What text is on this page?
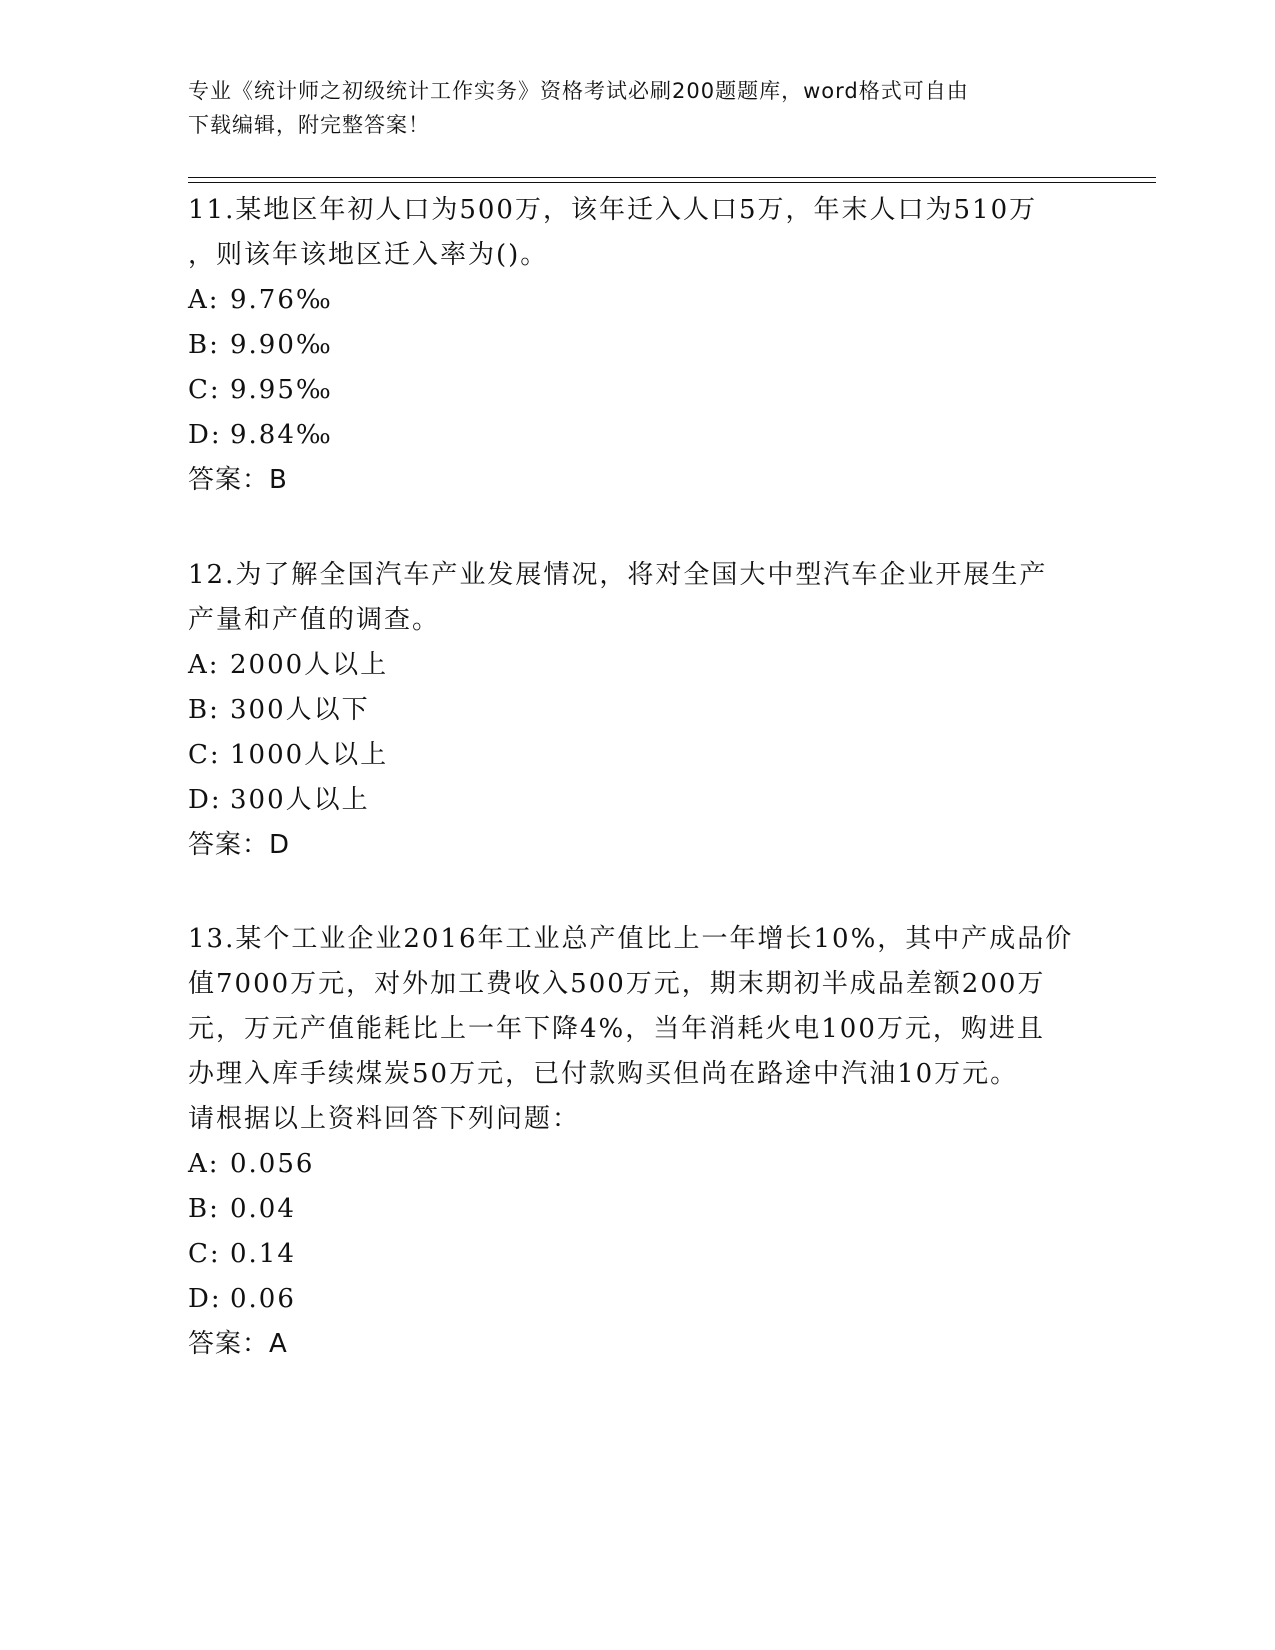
专业《统计师之初级统计工作实务》资格考试必刷200题题库，word格式可自由
下载编辑，附完整答案！

11.某地区年初人口为500万，该年迁入人口5万，年末人口为510万

，则该年该地区迁入率为()。

A: 9.76‰

B: 9.90‰

C: 9.95‰

D: 9.84‰

答案：B

12.为了解全国汽车产业发展情况，将对全国大中型汽车企业开展生产

产量和产值的调查。

A: 2000人以上

B: 300人以下

C: 1000人以上

D: 300人以上

答案：D

13.某个工业企业2016年工业总产值比上一年增长10%，其中产成品价

值7000万元，对外加工费收入500万元，期末期初半成品差额200万

元，万元产值能耗比上一年下降4%，当年消耗火电100万元，购进且

办理入库手续煤炭50万元，已付款购买但尚在路途中汽油10万元。

请根据以上资料回答下列问题：

A: 0.056

B: 0.04

C: 0.14

D: 0.06

答案：A
